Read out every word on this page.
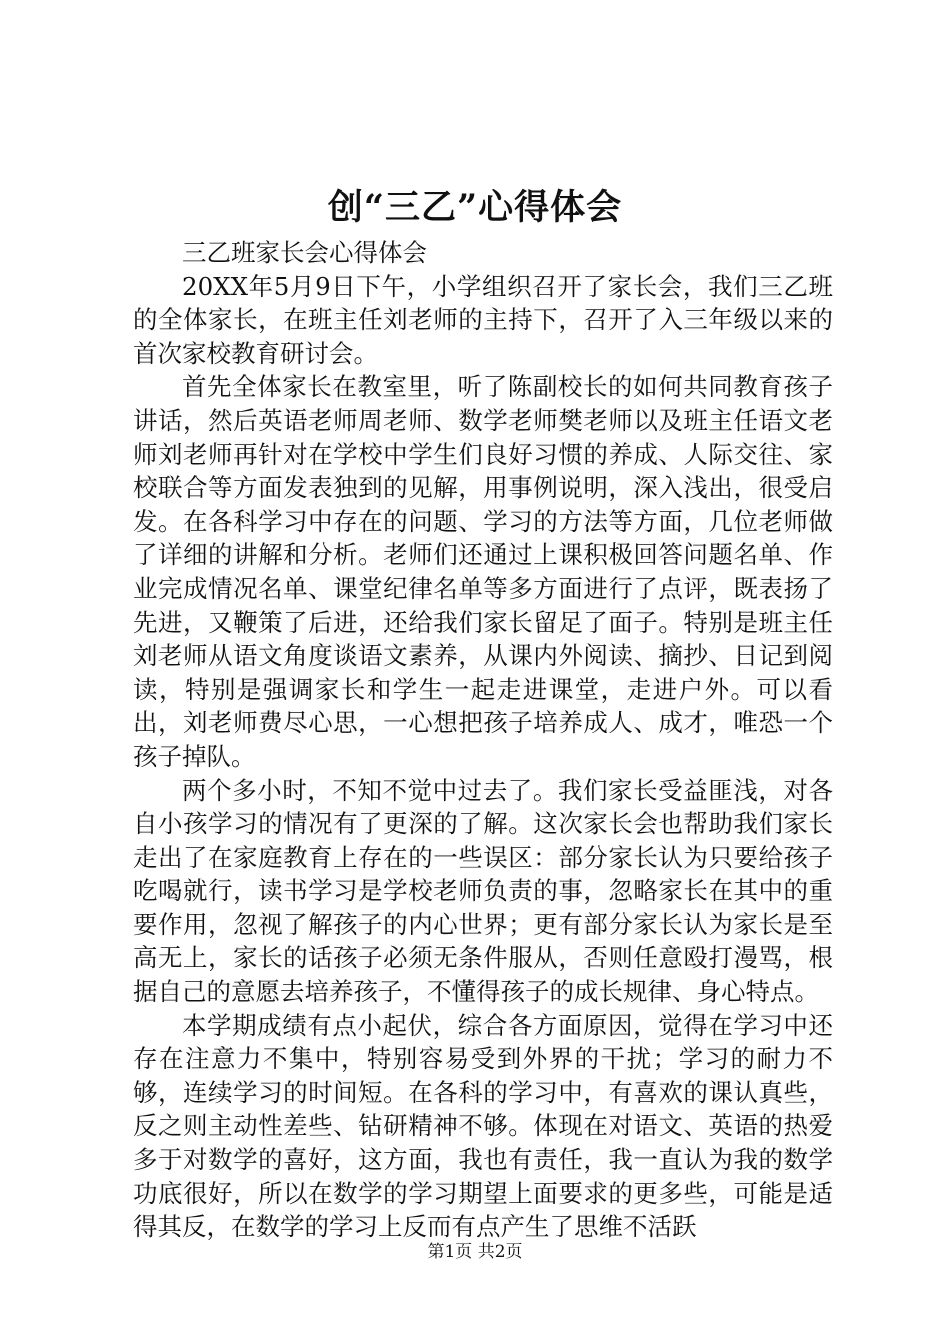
创“三乙”心得体会

三乙班家长会心得体会

20XX年5月9日下午，小学组织召开了家长会，我们三乙班的全体家长，在班主任刘老师的主持下，召开了入三年级以来的首次家校教育研讨会。

首先全体家长在教室里，听了陈副校长的如何共同教育孩子讲话，然后英语老师周老师、数学老师樊老师以及班主任语文老师刘老师再针对在学校中学生们良好习惯的养成、人际交往、家校联合等方面发表独到的见解，用事例说明，深入浅出，很受启发。在各科学习中存在的问题、学习的方法等方面，几位老师做了详细的讲解和分析。老师们还通过上课积极回答问题名单、作业完成情况名单、课堂纪律名单等多方面进行了点评，既表扬了先进，又鞭策了后进，还给我们家长留足了面子。特别是班主任刘老师从语文角度谈语文素养，从课内外阅读、摘抄、日记到阅读，特别是强调家长和学生一起走进课堂，走进户外。可以看出，刘老师费尽心思，一心想把孩子培养成人、成才，唯恐一个孩子掉队。

两个多小时，不知不觉中过去了。我们家长受益匪浅，对各自小孩学习的情况有了更深的了解。这次家长会也帮助我们家长走出了在家庭教育上存在的一些误区：部分家长认为只要给孩子吃喝就行，读书学习是学校老师负责的事，忽略家长在其中的重要作用，忽视了解孩子的内心世界；更有部分家长认为家长是至高无上，家长的话孩子必须无条件服从，否则任意殴打漫骂，根据自己的意愿去培养孩子，不懂得孩子的成长规律、身心特点。

本学期成绩有点小起伏，综合各方面原因，觉得在学习中还存在注意力不集中，特别容易受到外界的干扰；学习的耐力不够，连续学习的时间短。在各科的学习中，有喜欢的课认真些，反之则主动性差些、钻研精神不够。体现在对语文、英语的热爱多于对数学的喜好，这方面，我也有责任，我一直认为我的数学功底很好，所以在数学的学习期望上面要求的更多些，可能是适得其反，在数学的学习上反而有点产生了思维不活跃

第1页 共2页
